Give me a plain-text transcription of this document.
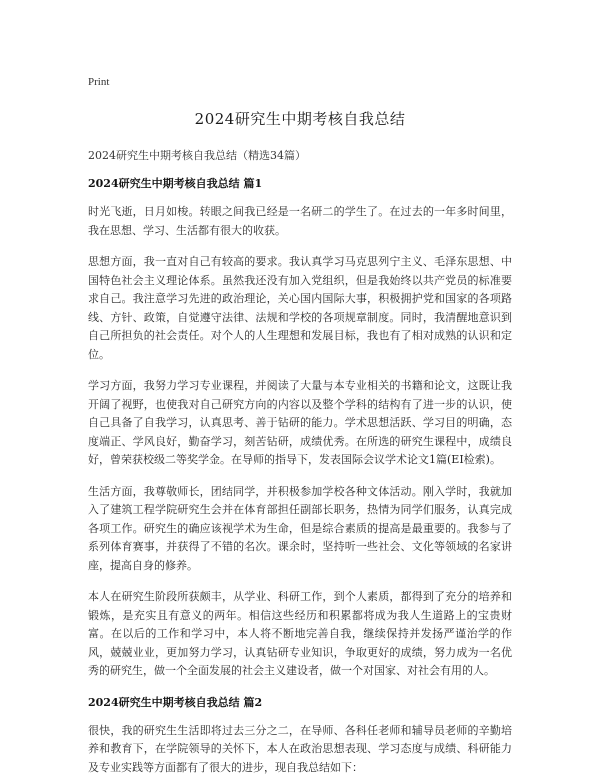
Print
2024研究生中期考核自我总结

2024研究生中期考核自我总结（精选34篇）

2024研究生中期考核自我总结 篇1

时光飞逝，日月如梭。转眼之间我已经是一名研二的学生了。在过去的一年多时间里，我在思想、学习、生活都有很大的收获。

思想方面，我一直对自己有较高的要求。我认真学习马克思列宁主义、毛泽东思想、中国特色社会主义理论体系。虽然我还没有加入党组织，但是我始终以共产党员的标准要求自己。我注意学习先进的政治理论，关心国内国际大事，积极拥护党和国家的各项路线、方针、政策，自觉遵守法律、法规和学校的各项规章制度。同时，我清醒地意识到自己所担负的社会责任。对个人的人生理想和发展目标，我也有了相对成熟的认识和定位。

学习方面，我努力学习专业课程，并阅读了大量与本专业相关的书籍和论文，这既让我开阔了视野，也使我对自己研究方向的内容以及整个学科的结构有了进一步的认识，使自己具备了自我学习，认真思考、善于钻研的能力。学术思想活跃、学习目的明确，态度端正、学风良好，勤奋学习，刻苦钻研，成绩优秀。在所选的研究生课程中，成绩良好，曾荣获校级二等奖学金。在导师的指导下，发表国际会议学术论文1篇(EI检索)。

生活方面，我尊敬师长，团结同学，并积极参加学校各种文体活动。刚入学时，我就加入了建筑工程学院研究生会并在体育部担任副部长职务，热情为同学们服务，认真完成各项工作。研究生的确应该视学术为生命，但是综合素质的提高是最重要的。我参与了系列体育赛事，并获得了不错的名次。课余时，坚持听一些社会、文化等领域的名家讲座，提高自身的修养。

本人在研究生阶段所获颇丰，从学业、科研工作，到个人素质，都得到了充分的培养和锻炼，是充实且有意义的两年。相信这些经历和积累都将成为我人生道路上的宝贵财富。在以后的工作和学习中，本人将不断地完善自我，继续保持并发扬严谨治学的作风，兢兢业业，更加努力学习，认真钻研专业知识，争取更好的成绩，努力成为一名优秀的研究生，做一个全面发展的社会主义建设者，做一个对国家、对社会有用的人。

2024研究生中期考核自我总结 篇2

很快，我的研究生生活即将过去三分之二，在导师、各科任老师和辅导员老师的辛勤培养和教育下，在学院领导的关怀下，本人在政治思想表现、学习态度与成绩、科研能力及专业实践等方面都有了很大的进步，现自我总结如下：
